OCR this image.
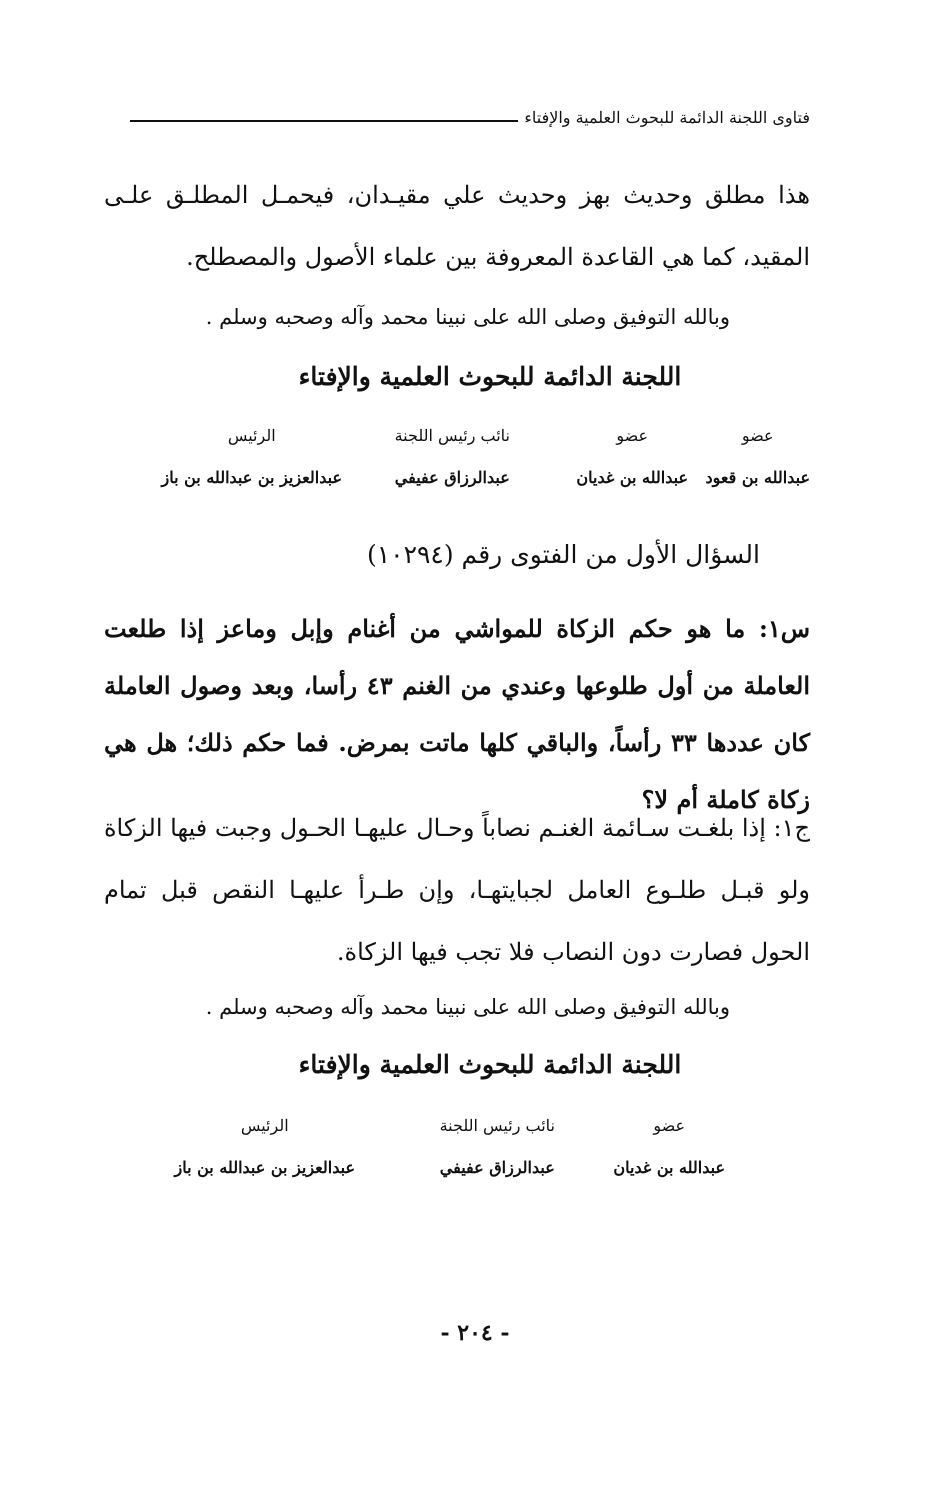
فتاوى اللجنة الدائمة للبحوث العلمية والإفتاء
هذا مطلق وحديث بهز وحديث علي مقيـدان، فيحمـل المطلـق علـى المقيد، كما هي القاعدة المعروفة بين علماء الأصول والمصطلح.
وبالله التوفيق وصلى الله على نبينا محمد وآله وصحبه وسلم .
اللجنة الدائمة للبحوث العلمية والإفتاء
عضو
عبدالله بن قعود
عضو
عبدالله بن غديان
نائب رئيس اللجنة
عبدالرزاق عفيفي
الرئيس
عبدالعزيز بن عبدالله بن باز
السؤال الأول من الفتوى رقم (١٠٢٩٤)
س١: ما هو حكم الزكاة للمواشي من أغنام وإبل وماعز إذا طلعت العاملة من أول طلوعها وعندي من الغنم ٤٣ رأسا، وبعد وصول العاملة كان عددها ٣٣ رأساً، والباقي كلها ماتت بمرض. فما حكم ذلك؛ هل هي زكاة كاملة أم لا؟
ج١: إذا بلغـت سـائمة الغنـم نصاباً وحـال عليهـا الحـول وجبت فيها الزكاة ولو قبـل طلـوع العامل لجبايتهـا، وإن طـرأ عليهـا النقص قبل تمام الحول فصارت دون النصاب فلا تجب فيها الزكاة.
وبالله التوفيق وصلى الله على نبينا محمد وآله وصحبه وسلم .
اللجنة الدائمة للبحوث العلمية والإفتاء
عضو
عبدالله بن غديان
نائب رئيس اللجنة
عبدالرزاق عفيفي
الرئيس
عبدالعزيز بن عبدالله بن باز
- ٢٠٤ -
